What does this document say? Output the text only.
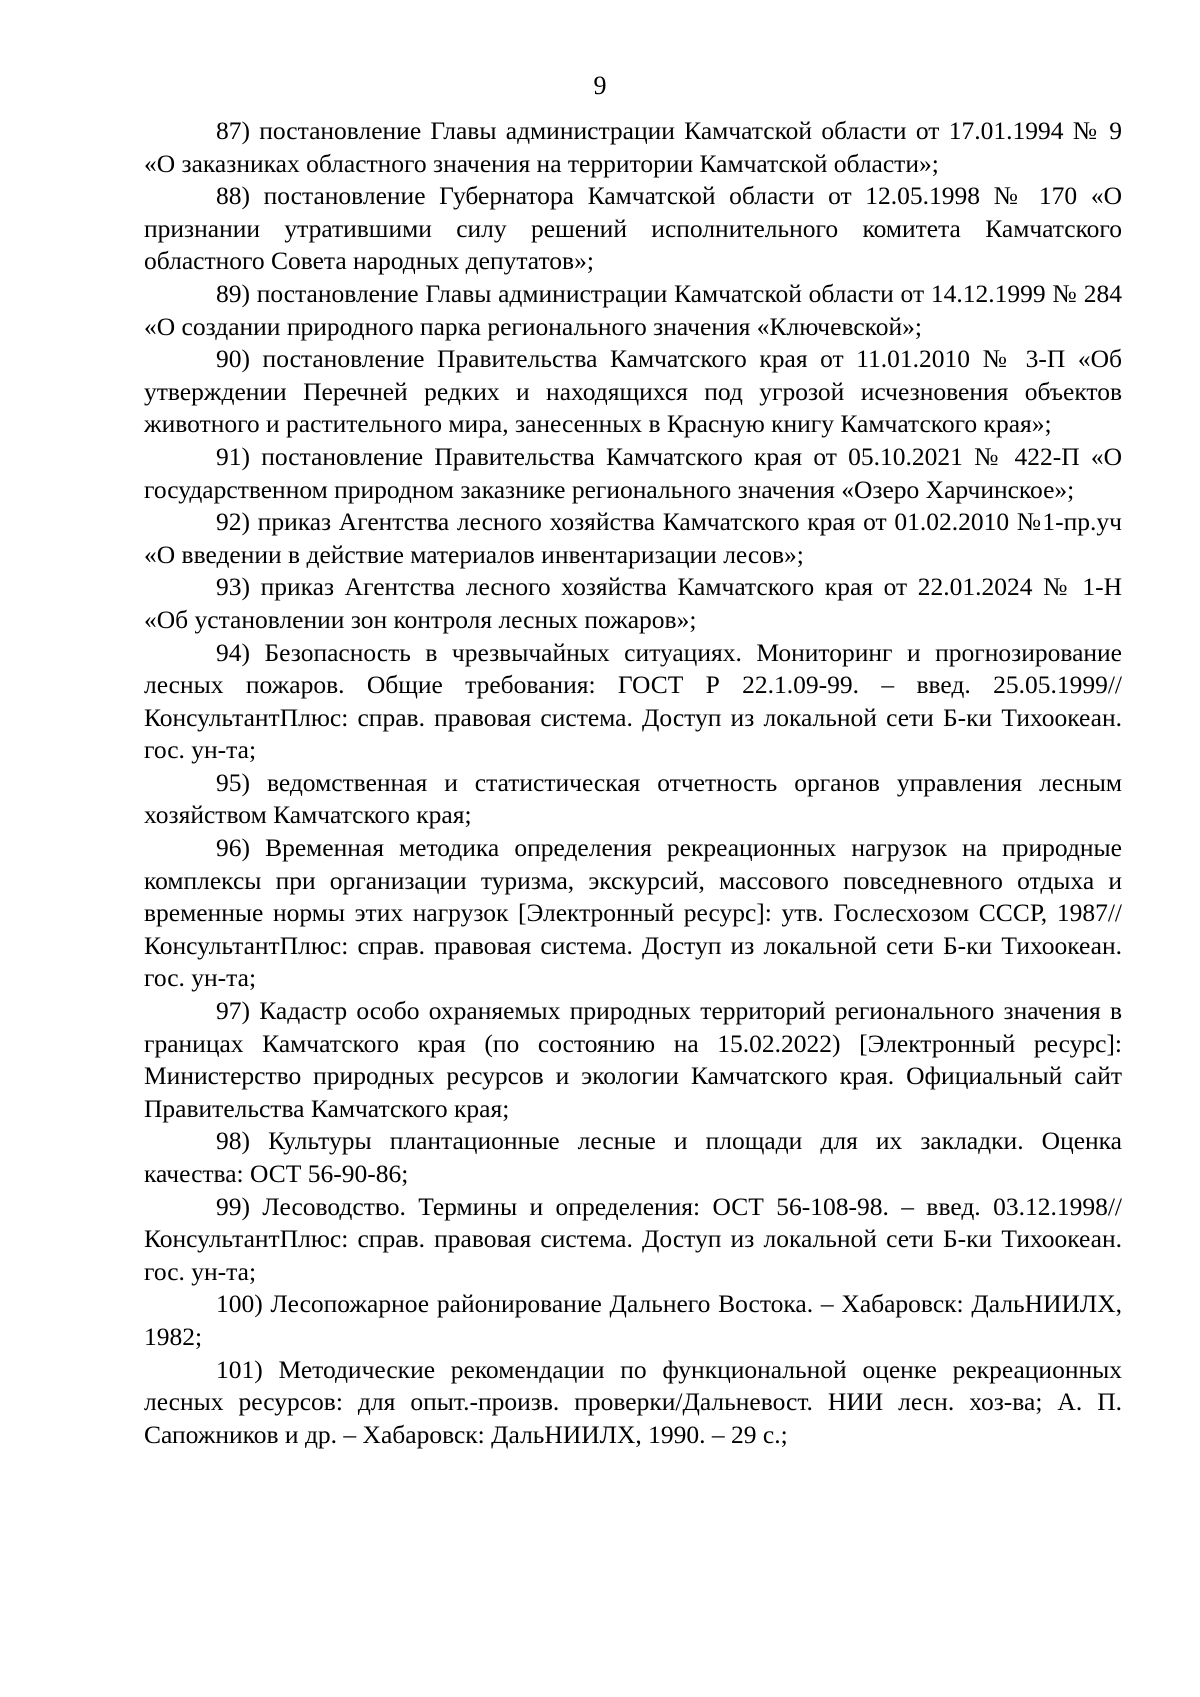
9

87) постановление Главы администрации Камчатской области от 17.01.1994 № 9 «О заказниках областного значения на территории Камчатской области»;

88) постановление Губернатора Камчатской области от 12.05.1998 № 170 «О признании утратившими силу решений исполнительного комитета Камчатского областного Совета народных депутатов»;

89) постановление Главы администрации Камчатской области от 14.12.1999 № 284 «О создании природного парка регионального значения «Ключевской»;

90) постановление Правительства Камчатского края от 11.01.2010 № 3-П «Об утверждении Перечней редких и находящихся под угрозой исчезновения объектов животного и растительного мира, занесенных в Красную книгу Камчатского края»;

91) постановление Правительства Камчатского края от 05.10.2021 № 422-П «О государственном природном заказнике регионального значения «Озеро Харчинское»;

92) приказ Агентства лесного хозяйства Камчатского края от 01.02.2010 №1-пр.уч «О введении в действие материалов инвентаризации лесов»;

93) приказ Агентства лесного хозяйства Камчатского края от 22.01.2024 № 1-Н «Об установлении зон контроля лесных пожаров»;

94) Безопасность в чрезвычайных ситуациях. Мониторинг и прогнозирование лесных пожаров. Общие требования: ГОСТ Р 22.1.09-99. – введ. 25.05.1999// КонсультантПлюс: справ. правовая система. Доступ из локальной сети Б-ки Тихоокеан. гос. ун-та;

95) ведомственная и статистическая отчетность органов управления лесным хозяйством Камчатского края;

96) Временная методика определения рекреационных нагрузок на природные комплексы при организации туризма, экскурсий, массового повседневного отдыха и временные нормы этих нагрузок [Электронный ресурс]: утв. Гослесхозом СССР, 1987//КонсультантПлюс: справ. правовая система. Доступ из локальной сети Б-ки Тихоокеан. гос. ун-та;

97) Кадастр особо охраняемых природных территорий регионального значения в границах Камчатского края (по состоянию на 15.02.2022) [Электронный ресурс]: Министерство природных ресурсов и экологии Камчатского края. Официальный сайт Правительства Камчатского края;

98) Культуры плантационные лесные и площади для их закладки. Оценка качества: ОСТ 56-90-86;

99) Лесоводство. Термины и определения: ОСТ 56-108-98. – введ. 03.12.1998// КонсультантПлюс: справ. правовая система. Доступ из локальной сети Б-ки Тихоокеан. гос. ун-та;

100) Лесопожарное районирование Дальнего Востока. – Хабаровск: ДальНИИЛХ, 1982;

101) Методические рекомендации по функциональной оценке рекреационных лесных ресурсов: для опыт.-произв. проверки/Дальневост. НИИ лесн. хоз-ва; А. П. Сапожников и др. – Хабаровск: ДальНИИЛХ, 1990. – 29 с.;
